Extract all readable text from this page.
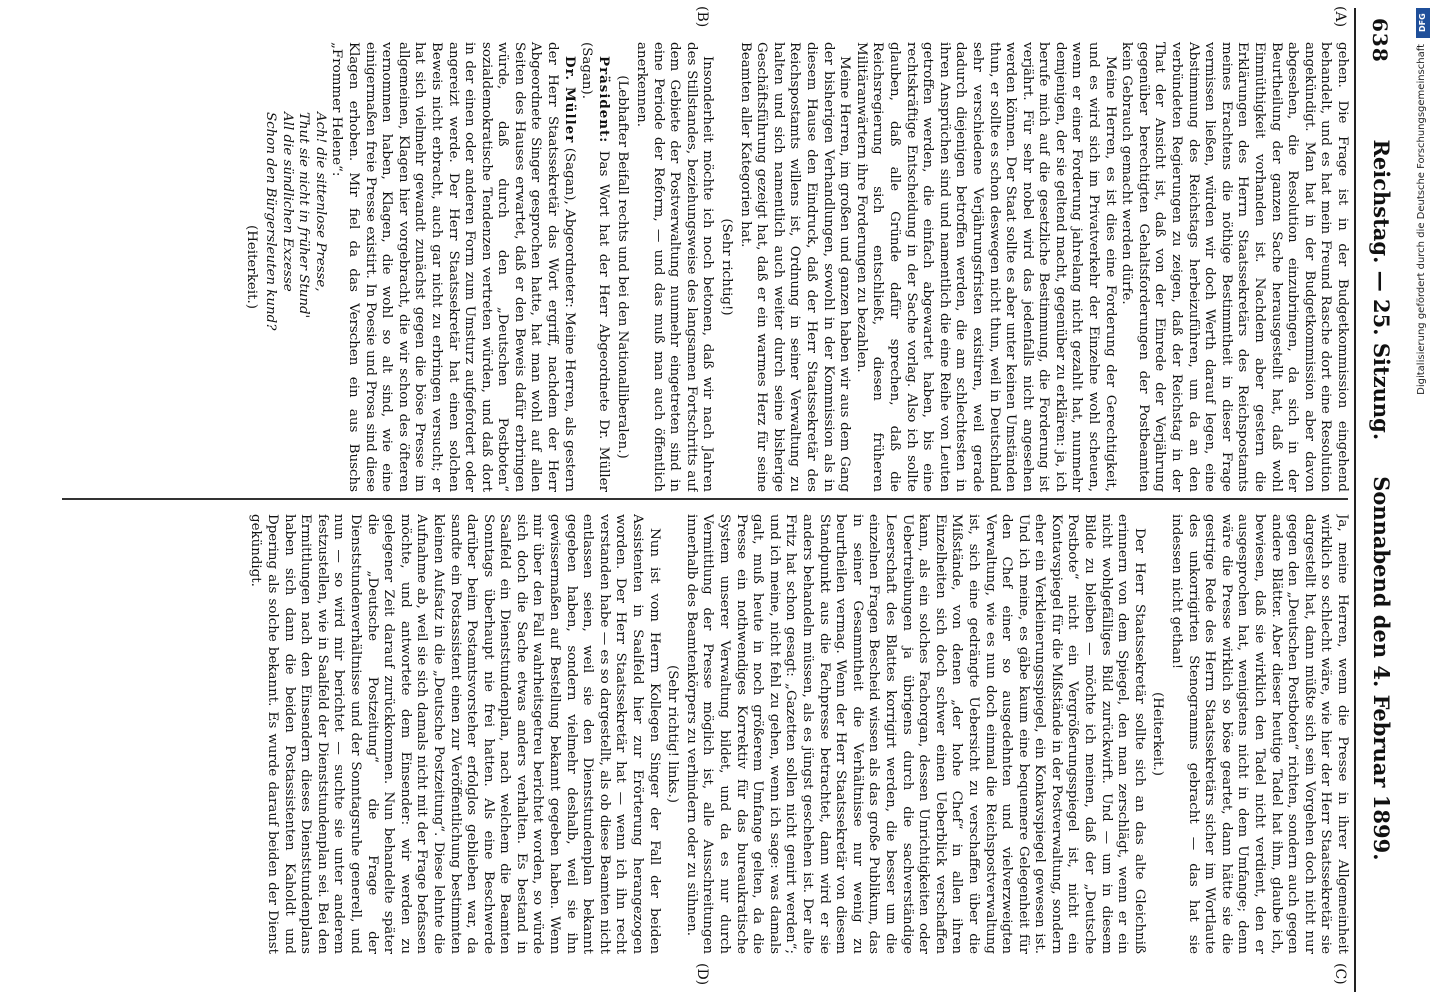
638
Reichstag. — 25. Sitzung.Sonnabend den 4. Februar 1899.
(A)
(B)
(C)
(D)

gehen. Die Frage ist in der Budgetkommission eingehend behandelt, und es hat mein Freund Rasche dort eine Resolution angekündigt. Man hat in der Budgetkommission aber davon abgesehen, die Resolution einzubringen, da sich in der Beurtheilung der ganzen Sache herausgestellt hat, daß wohl Einmüthigkeit vorhanden ist. Nachdem aber gestern die Erklärungen des Herrn Staatssekretärs des Reichspostamts meines Erachtens die nöthige Bestimmtheit in dieser Frage vermissen ließen, würden wir doch Werth darauf legen, eine Abstimmung des Reichstags herbeizuführen, um da an den verbündeten Regierungen zu zeigen, daß der Reichstag in der That der Ansicht ist, daß von der Einrede der Verjährung gegenüber berechtigten Gehaltsforderungen der Postbeamten kein Gebrauch gemacht werden dürfe.

Meine Herren, es ist dies eine Forderung der Gerechtigkeit, und es wird sich im Privatverkehr der Einzelne wohl scheuen, wenn er einer Forderung jahrelang nicht gezahlt hat, nunmehr demjenigen, der sie geltend macht, gegenüber zu erklären: ja, ich berufe mich auf die gesetzliche Bestimmung, die Forderung ist verjährt. Für sehr nobel wird das jedenfalls nicht angesehen werden können. Der Staat sollte es aber unter keinen Umständen thun, er sollte es schon deswegen nicht thun, weil in Deutschland sehr verschiedene Verjährungsfristen existiren, weil gerade dadurch diejenigen betroffen werden, die am schlechtesten in ihren Ansprüchen sind und namentlich die eine Reihe von Leuten getroffen werden, die einfach abgewartet haben, bis eine rechtskräftige Entscheidung in der Sache vorlag. Also ich sollte glauben, daß alle Gründe dafür sprechen, daß die Reichsregierung sich entschließt, diesen früheren Militäranwärtern ihre Forderungen zu bezahlen.

Meine Herren, im großen und ganzen haben wir aus dem Gang der bisherigen Verhandlungen, sowohl in der Kommission als in diesem Hause den Eindruck, daß der Herr Staatssekretär des Reichspostamts willens ist, Ordnung in seiner Verwaltung zu halten und sich namentlich auch weiter durch seine bisherige Geschäftsführung gezeigt hat, daß er ein warmes Herz für seine Beamten aller Kategorien hat.

(Sehr richtig!)

Insonderheit möchte ich noch betonen, daß wir nach Jahren des Stillstandes, beziehungsweise des langsamen Fortschritts auf dem Gebiete der Postverwaltung nunmehr eingetreten sind in eine Periode der Reform, — und das muß man auch öffentlich anerkennen.

(Lebhafter Beifall rechts und bei den Nationalliberalen.)

Präsident: Das Wort hat der Herr Abgeordnete Dr. Müller (Sagan).

Dr. Müller (Sagan), Abgeordneter: Meine Herren, als gestern der Herr Staatssekretär das Wort ergriff, nachdem der Herr Abgeordnete Singer gesprochen hatte, hat man wohl auf allen Seiten des Hauses erwartet, daß er den Beweis dafür erbringen würde, daß durch den „Deutschen Postboten“ sozialdemokratische Tendenzen vertreten würden, und daß dort in der einen oder anderen Form zum Umsturz aufgefordert oder angereizt werde. Der Herr Staatssekretär hat einen solchen Beweis nicht erbracht, auch gar nicht zu erbringen versucht; er hat sich vielmehr gewandt zunächst gegen die böse Presse im allgemeinen, Klagen hier vorgebracht, die wir schon des öfteren vernommen haben, Klagen, die wohl so alt sind, wie eine einigermaßen freie Presse existirt. In Poesie und Prosa sind diese Klagen erhoben. Mir fiel da das Verschen ein aus Buschs „Frommer Helene“:

Ach! die sittenlose Presse,

Thut sie nicht in früher Stund'

All die sündlichen Exzesse

Schon den Bürgersleuten kund?

(Heiterkeit.)

Ja, meine Herren, wenn die Presse in ihrer Allgemeinheit wirklich so schlecht wäre, wie hier der Herr Staatssekretär sie dargestellt hat, dann müßte sich sein Vorgehen doch nicht nur gegen den „Deutschen Postboten“ richten, sondern auch gegen andere Blätter. Aber dieser heutige Tadel hat ihm, glaube ich, bewiesen, daß sie wirklich den Tadel nicht verdient, den er ausgesprochen hat, wenigstens nicht in dem Umfange; denn wäre die Presse wirklich so böse geartet, dann hätte sie die gestrige Rede des Herrn Staatssekretärs sicher im Wortlaute des unkorrigirten Stenogramms gebracht — das hat sie indessen nicht gethan!

(Heiterkeit.)

Der Herr Staatssekretär sollte sich an das alte Gleichniß erinnern von dem Spiegel, den man zerschlägt, wenn er ein nicht wohlgefälliges Bild zurückwirft. Und — um in diesem Bilde zu bleiben — möchte ich meinen, daß der „Deutsche Postbote“ nicht ein Vergrößerungsspiegel ist, nicht ein Kontavspiegel für die Mißstände in der Postverwaltung, sondern eher ein Verkleinerungsspiegel, ein Konkavspiegel gewesen ist. Und ich meine, es gäbe kaum eine bequemere Gelegenheit für den Chef einer so ausgedehnten und vielverzweigten Verwaltung, wie es nun doch einmal die Reichspostverwaltung ist, sich eine gedrängte Uebersicht zu verschaffen über die Mißstände, von denen „der hohe Chef“ in allen ihren Einzelheiten sich doch schwer einen Ueberblick verschaffen kann, als ein solches Fachorgan, dessen Unrichtigkeiten oder Uebertreibungen ja übrigens durch die sachverständige Leserschaft des Blattes korrigirt werden, die besser um die einzelnen Fragen Bescheid wissen als das große Publikum, das in seiner Gesammtheit die Verhältnisse nur wenig zu beurtheilen vermag. Wenn der Herr Staatssekretär von diesem Standpunkt aus die Fachpresse betrachtet, dann wird er sie anders behandeln müssen, als es jüngst geschehen ist. Der alte Fritz hat schon gesagt: „Gazetten sollen nicht genirt werden“; und ich meine, nicht fehl zu gehen, wenn ich sage: was damals galt, muß heute in noch größerem Umfange gelten, da die Presse ein nothwendiges Korrektiv für das bureaukratische System unserer Verwaltung bildet, und da es nur durch Vermittlung der Presse möglich ist, alle Ausschreitungen innerhalb des Beamtenkörpers zu verhindern oder zu sühnen.

(Sehr richtig! links.)

Nun ist vom Herrn Kollegen Singer der Fall der beiden Assistenten in Saalfeld hier zur Erörterung herangezogen worden. Der Herr Staatssekretär hat — wenn ich ihn recht verstanden habe — es so dargestellt, als ob diese Beamten nicht entlassen seien, weil sie den Dienststundenplan bekannt gegeben haben, sondern vielmehr deshalb, weil sie ihn gewissermaßen auf Bestellung bekannt gegeben haben. Wenn mir über den Fall wahrheitsgetreu berichtet worden, so würde sich doch die Sache etwas anders verhalten. Es bestand in Saalfeld ein Dienststundenplan, nach welchem die Beamten Sonntags überhaupt nie frei hatten. Als eine Beschwerde darüber beim Postamtsvorsteher erfolglos geblieben war, da sandte ein Postassistent einen zur Veröffentlichung bestimmten kleinen Aufsatz in die „Deutsche Postzeitung“. Diese lehnte die Aufnahme ab, weil sie sich damals nicht mit der Frage befassen möchte, und antwortete dem Einsender: wir werden zu gelegener Zeit darauf zurückkommen. Nun behandelte später die „Deutsche Postzeitung“ die Frage der Dienststundenverhältnisse und der Sonntagsruhe generell, und nun — so wird mir berichtet — suchte sie unter anderem festzustellen, wie in Saalfeld der Dienststundenplan sei. Bei den Ermittlungen nach den Einsendern dieses Dienststundenplans haben sich dann die beiden Postassistenten Kaholdt und Dpering als solche bekannt. Es wurde darauf beiden der Dienst gekündigt.

DFG
Digitalisierung gefördert durch die Deutsche Forschungsgemeinschaft
